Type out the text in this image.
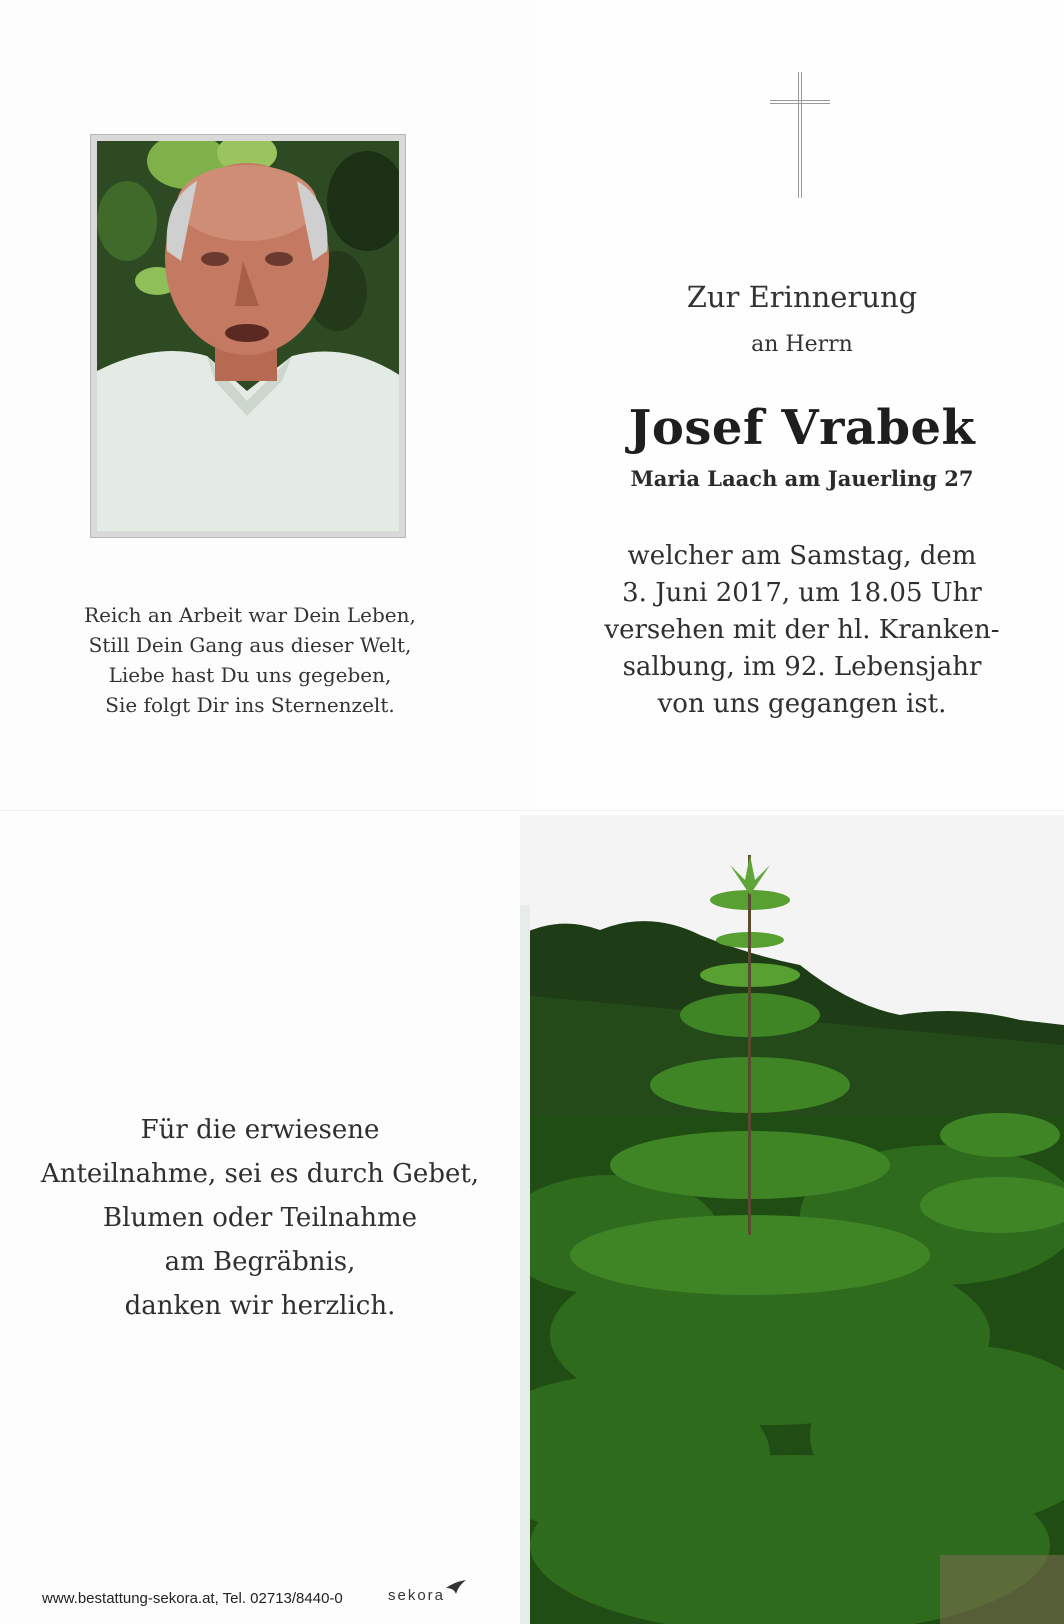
Reich an Arbeit war Dein Leben,
Still Dein Gang aus dieser Welt,
Liebe hast Du uns gegeben,
Sie folgt Dir ins Sternenzelt.
Zur Erinnerung
an Herrn
Josef Vrabek
Maria Laach am Jauerling 27
welcher am Samstag, dem
3. Juni 2017, um 18.05 Uhr
versehen mit der hl. Kranken-
salbung, im 92. Lebensjahr
von uns gegangen ist.
Für die erwiesene
Anteilnahme, sei es durch Gebet,
Blumen oder Teilnahme
am Begräbnis,
danken wir herzlich.
www.bestattung-sekora.at, Tel. 02713/8440-0	sekora
